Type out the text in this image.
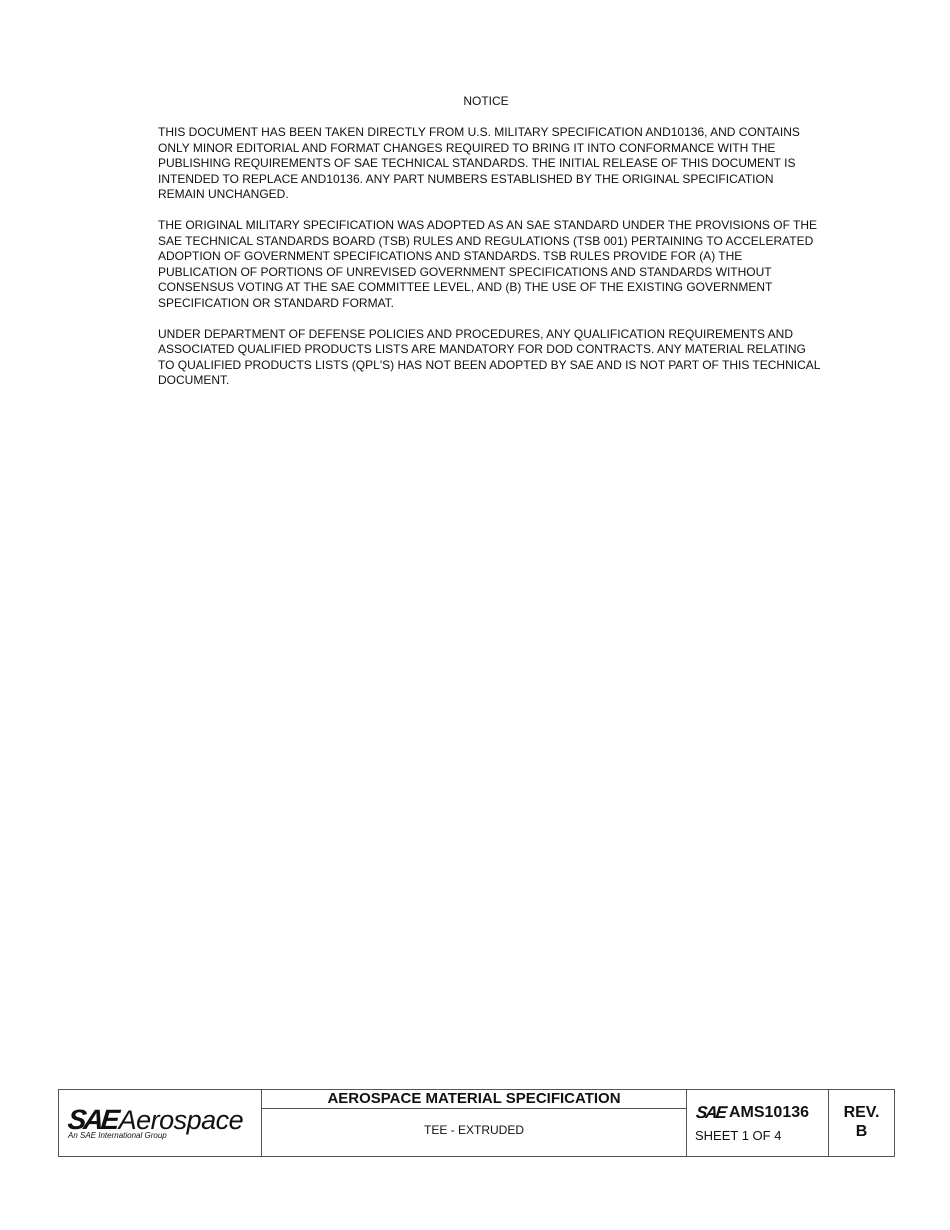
NOTICE

THIS DOCUMENT HAS BEEN TAKEN DIRECTLY FROM U.S. MILITARY SPECIFICATION AND10136, AND CONTAINS ONLY MINOR EDITORIAL AND FORMAT CHANGES REQUIRED TO BRING IT INTO CONFORMANCE WITH THE PUBLISHING REQUIREMENTS OF SAE TECHNICAL STANDARDS. THE INITIAL RELEASE OF THIS DOCUMENT IS INTENDED TO REPLACE AND10136. ANY PART NUMBERS ESTABLISHED BY THE ORIGINAL SPECIFICATION REMAIN UNCHANGED.

THE ORIGINAL MILITARY SPECIFICATION WAS ADOPTED AS AN SAE STANDARD UNDER THE PROVISIONS OF THE SAE TECHNICAL STANDARDS BOARD (TSB) RULES AND REGULATIONS (TSB 001) PERTAINING TO ACCELERATED ADOPTION OF GOVERNMENT SPECIFICATIONS AND STANDARDS. TSB RULES PROVIDE FOR (A) THE PUBLICATION OF PORTIONS OF UNREVISED GOVERNMENT SPECIFICATIONS AND STANDARDS WITHOUT CONSENSUS VOTING AT THE SAE COMMITTEE LEVEL, AND (B) THE USE OF THE EXISTING GOVERNMENT SPECIFICATION OR STANDARD FORMAT.

UNDER DEPARTMENT OF DEFENSE POLICIES AND PROCEDURES, ANY QUALIFICATION REQUIREMENTS AND ASSOCIATED QUALIFIED PRODUCTS LISTS ARE MANDATORY FOR DOD CONTRACTS. ANY MATERIAL RELATING TO QUALIFIED PRODUCTS LISTS (QPL'S) HAS NOT BEEN ADOPTED BY SAE AND IS NOT PART OF THIS TECHNICAL DOCUMENT.

SAE Aerospace
An SAE International Group
AEROSPACE MATERIAL SPECIFICATION
TEE - EXTRUDED
SAE AMS10136
SHEET 1 OF 4
REV.
B
